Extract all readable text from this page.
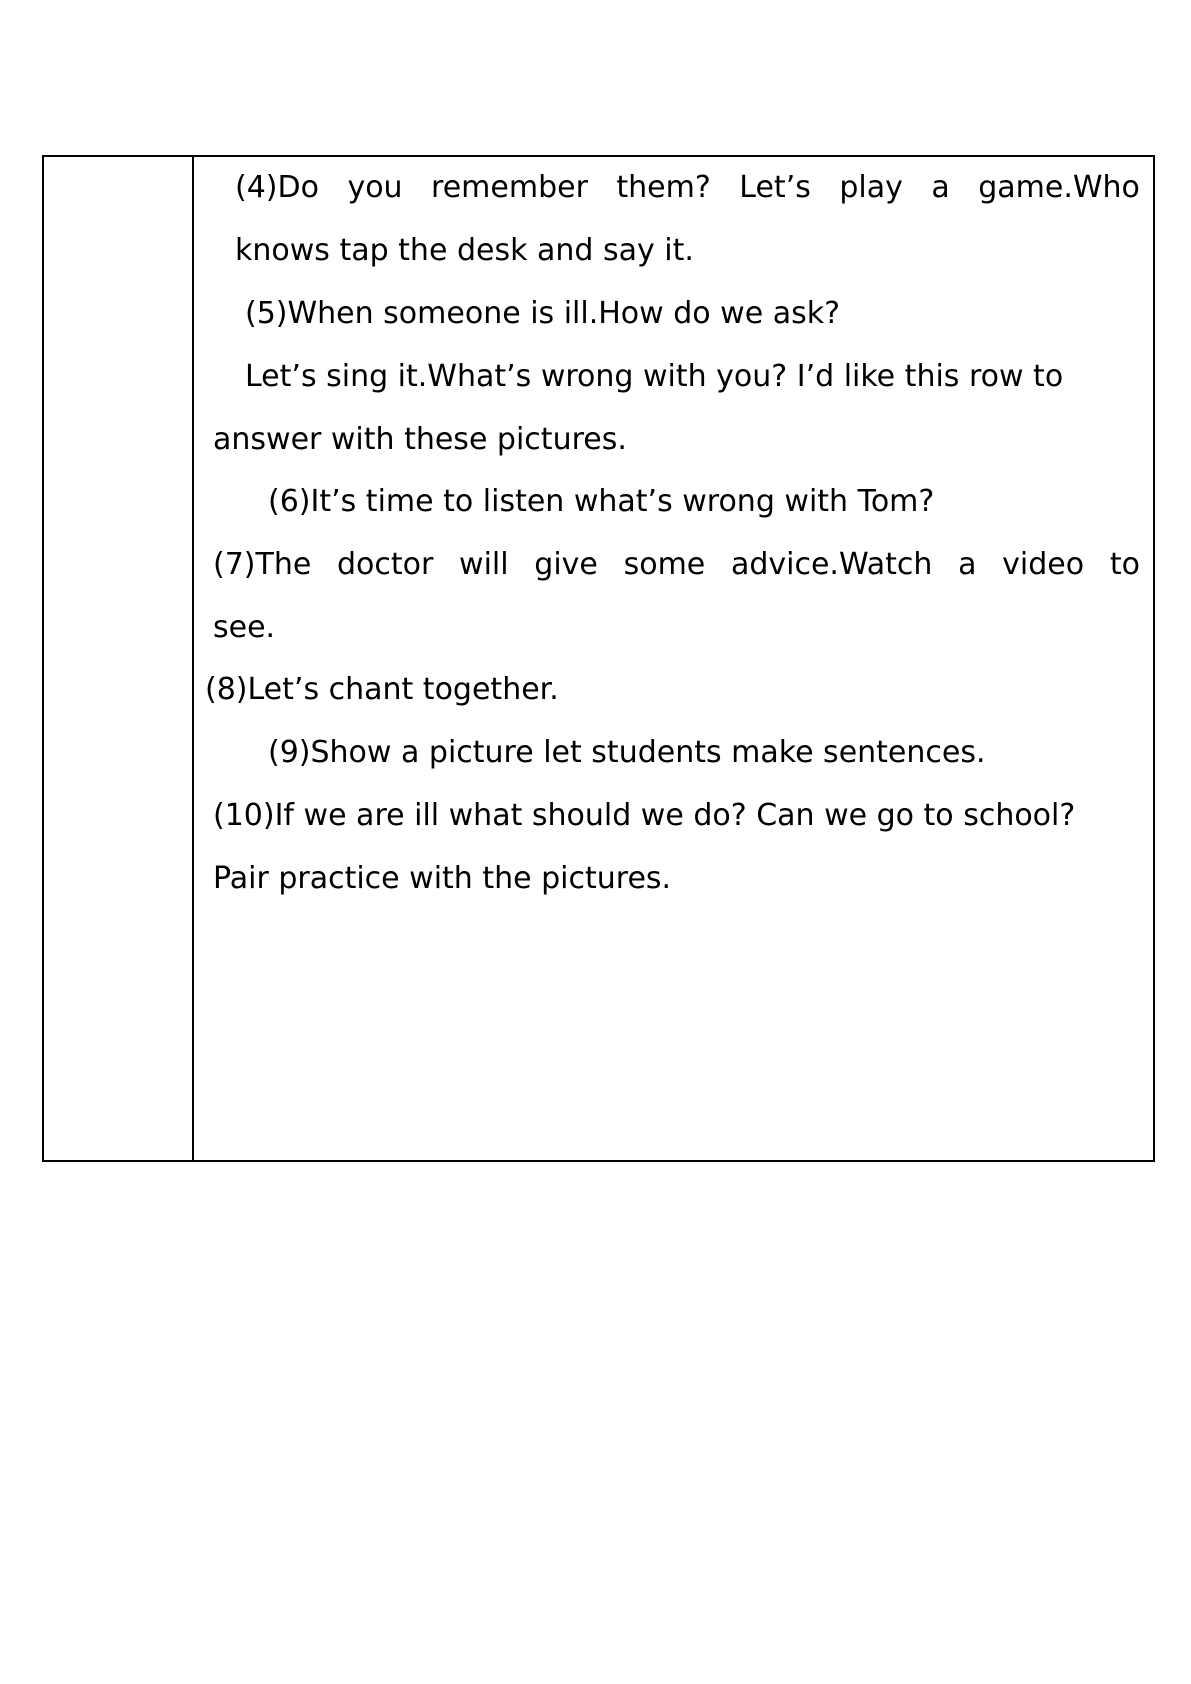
(4)Do you remember them? Let’s play a game.Who

knows tap the desk and say it.

(5)When someone is ill.How do we ask?

Let’s sing it.What’s wrong with you? I’d like this row to

answer with these pictures.

(6)It’s time to listen what’s wrong with Tom?

(7)The doctor will give some advice.Watch a video to

see.

(8)Let’s chant together.

(9)Show a picture let students make sentences.

(10)If we are ill what should we do? Can we go to school?

Pair practice with the pictures.
